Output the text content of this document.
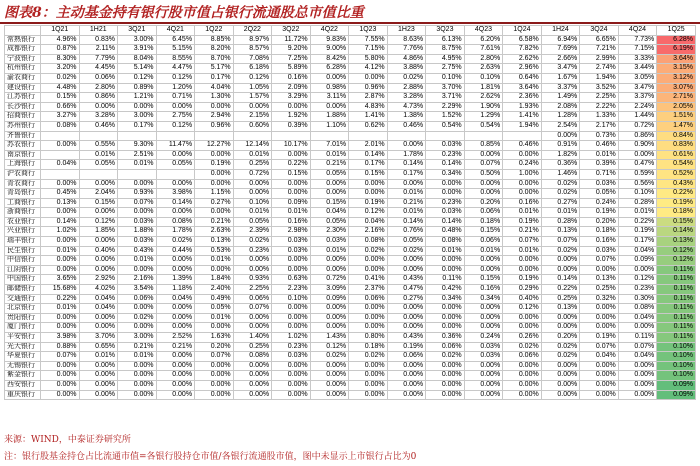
图表8：主动基金持有银行股市值占银行流通股总市值比重
	1Q21	1H21	3Q21	4Q21	1Q22	2Q22	3Q22	4Q22	1Q23	1H23	3Q23	4Q23	1Q24	1H24	3Q24	4Q24	1Q25
常熟银行	4.96%	0.83%	3.00%	6.45%	8.85%	8.97%	11.72%	9.83%	7.55%	8.63%	6.13%	6.20%	6.58%	6.94%	6.65%	7.73%	6.28%
成都银行	0.87%	2.11%	3.91%	5.15%	8.20%	8.57%	9.20%	9.00%	7.15%	7.76%	8.75%	7.61%	7.82%	7.69%	7.21%	7.15%	6.19%
宁波银行	8.30%	7.79%	8.04%	8.55%	8.70%	7.08%	7.25%	8.42%	5.80%	4.86%	4.95%	2.80%	2.62%	2.66%	2.99%	3.33%	3.64%
杭州银行	3.20%	4.45%	5.14%	4.47%	5.17%	6.18%	5.89%	6.28%	4.12%	3.88%	2.75%	2.63%	2.96%	3.47%	2.74%	3.44%	3.15%
渝农商行	0.02%	0.06%	0.12%	0.12%	0.17%	0.12%	0.16%	0.00%	0.00%	0.02%	0.10%	0.10%	0.64%	1.67%	1.94%	3.05%	3.12%
建设银行	4.48%	2.80%	0.89%	1.20%	4.04%	1.05%	2.09%	0.98%	0.96%	2.88%	3.70%	1.81%	3.64%	3.37%	3.52%	3.47%	3.07%
江苏银行	0.15%	0.86%	1.21%	0.71%	1.30%	1.57%	3.29%	3.11%	2.87%	3.28%	3.71%	2.62%	2.36%	1.49%	2.25%	3.37%	2.71%
长沙银行	0.66%	0.00%	0.00%	0.00%	0.00%	0.00%	0.00%	0.00%	4.83%	4.73%	2.29%	1.90%	1.93%	2.08%	2.22%	2.24%	2.05%
招商银行	3.27%	3.28%	3.00%	2.75%	2.94%	2.15%	1.92%	1.88%	1.41%	1.38%	1.52%	1.29%	1.41%	1.28%	1.33%	1.44%	1.51%
苏州银行	0.08%	0.46%	0.17%	0.12%	0.96%	0.60%	0.39%	1.10%	0.62%	0.46%	0.54%	0.54%	1.94%	2.54%	2.17%	0.72%	1.47%
齐鲁银行														0.00%	0.73%	0.86%	0.84%
苏农银行	0.00%	0.55%	9.30%	11.47%	12.27%	12.14%	10.17%	7.01%	2.01%	0.00%	0.03%	0.85%	0.46%	0.91%	0.46%	0.90%	0.83%
南京银行		0.01%	2.51%	0.00%	0.00%	0.01%	0.00%	0.01%	0.14%	1.78%	0.23%	0.00%	0.00%	1.82%	0.01%	0.00%	0.61%
上海银行	0.04%	0.05%	0.01%	0.05%	0.19%	0.25%	0.22%	0.21%	0.17%	0.14%	0.14%	0.07%	0.24%	0.36%	0.39%	0.47%	0.54%
沪农商行					0.00%	0.72%	0.15%	0.05%	0.15%	0.17%	0.34%	0.50%	1.00%	1.46%	0.71%	0.59%	0.52%
青农商行	0.00%	0.00%	0.00%	0.00%	0.00%	0.00%	0.00%	0.00%	0.00%	0.00%	0.00%	0.00%	0.00%	0.02%	0.03%	0.56%	0.43%
青岛银行	0.45%	2.04%	0.93%	3.98%	1.15%	0.00%	0.00%	0.00%	0.00%	0.01%	0.00%	0.00%	0.00%	0.02%	0.05%	0.10%	0.22%
工商银行	0.13%	0.15%	0.07%	0.14%	0.27%	0.10%	0.09%	0.15%	0.19%	0.21%	0.23%	0.20%	0.16%	0.27%	0.24%	0.28%	0.19%
浙商银行	0.00%	0.00%	0.00%	0.00%	0.00%	0.01%	0.01%	0.04%	0.12%	0.01%	0.03%	0.06%	0.01%	0.01%	0.19%	0.01%	0.18%
农业银行	0.14%	0.12%	0.03%	0.08%	0.21%	0.05%	0.16%	0.05%	0.04%	0.14%	0.14%	0.18%	0.19%	0.28%	0.20%	0.22%	0.15%
兴业银行	1.02%	1.85%	1.88%	1.78%	2.63%	2.39%	2.98%	2.30%	2.16%	0.76%	0.48%	0.15%	0.21%	0.13%	0.18%	0.19%	0.14%
瑞丰银行	0.00%	0.00%	0.03%	0.02%	0.13%	0.02%	0.03%	0.03%	0.08%	0.05%	0.08%	0.06%	0.07%	0.07%	0.16%	0.17%	0.13%
民生银行	0.01%	0.40%	0.43%	0.44%	0.53%	0.23%	0.03%	0.01%	0.02%	0.02%	0.01%	0.01%	0.01%	0.02%	0.03%	0.04%	0.12%
中信银行	0.00%	0.00%	0.01%	0.00%	0.01%	0.00%	0.00%	0.00%	0.00%	0.00%	0.00%	0.00%	0.00%	0.00%	0.07%	0.09%	0.12%
江阴银行	0.00%	0.00%	0.00%	0.00%	0.00%	0.00%	0.00%	0.00%	0.00%	0.00%	0.00%	0.00%	0.00%	0.00%	0.00%	0.00%	0.11%
中国银行	3.65%	2.92%	2.16%	1.39%	1.84%	0.93%	0.63%	0.72%	0.41%	0.43%	0.11%	0.15%	0.19%	0.14%	0.13%	0.12%	0.11%
邮储银行	15.68%	4.02%	3.54%	1.18%	2.40%	2.25%	2.23%	3.09%	2.37%	0.47%	0.42%	0.16%	0.29%	0.22%	0.25%	0.23%	0.11%
交通银行	0.22%	0.04%	0.06%	0.04%	0.49%	0.06%	0.10%	0.09%	0.06%	0.27%	0.34%	0.34%	0.40%	0.25%	0.32%	0.30%	0.11%
北京银行	0.01%	0.04%	0.00%	0.00%	0.05%	0.07%	0.00%	0.00%	0.00%	0.00%	0.00%	0.00%	0.12%	0.13%	0.00%	0.08%	0.11%
贵阳银行	0.00%	0.00%	0.02%	0.00%	0.01%	0.00%	0.00%	0.00%	0.00%	0.00%	0.00%	0.00%	0.00%	0.00%	0.00%	0.04%	0.11%
厦门银行	0.00%	0.00%	0.00%	0.00%	0.00%	0.00%	0.00%	0.00%	0.00%	0.00%	0.00%	0.00%	0.00%	0.00%	0.00%	0.00%	0.11%
平安银行	3.98%	3.70%	3.00%	2.52%	1.63%	1.40%	1.02%	1.43%	0.80%	0.43%	0.36%	0.24%	0.26%	0.20%	0.19%	0.11%	0.11%
光大银行	0.88%	0.65%	0.21%	0.21%	0.20%	0.25%	0.23%	0.12%	0.18%	0.19%	0.06%	0.03%	0.02%	0.02%	0.07%	0.07%	0.10%
华夏银行	0.07%	0.01%	0.01%	0.00%	0.07%	0.08%	0.03%	0.02%	0.02%	0.06%	0.02%	0.03%	0.06%	0.02%	0.04%	0.04%	0.10%
无锡银行	0.00%	0.00%	0.00%	0.00%	0.00%	0.00%	0.00%	0.00%	0.00%	0.00%	0.00%	0.00%	0.00%	0.00%	0.00%	0.00%	0.10%
紫金银行	0.00%	0.00%	0.00%	0.00%	0.00%	0.00%	0.00%	0.00%	0.00%	0.00%	0.00%	0.00%	0.00%	0.00%	0.00%	0.00%	0.10%
西安银行	0.00%	0.00%	0.00%	0.00%	0.00%	0.00%	0.00%	0.00%	0.00%	0.00%	0.00%	0.00%	0.00%	0.00%	0.00%	0.00%	0.09%
重庆银行	0.00%	0.00%	0.00%	0.00%	0.00%	0.00%	0.00%	0.00%	0.00%	0.00%	0.00%	0.00%	0.00%	0.00%	0.00%	0.00%	0.09%
来源：WIND，中泰证券研究所
注：银行股基金持仓占比流通市值=各银行股持仓市值/各银行流通股市值，图中未显示上市银行占比为0
